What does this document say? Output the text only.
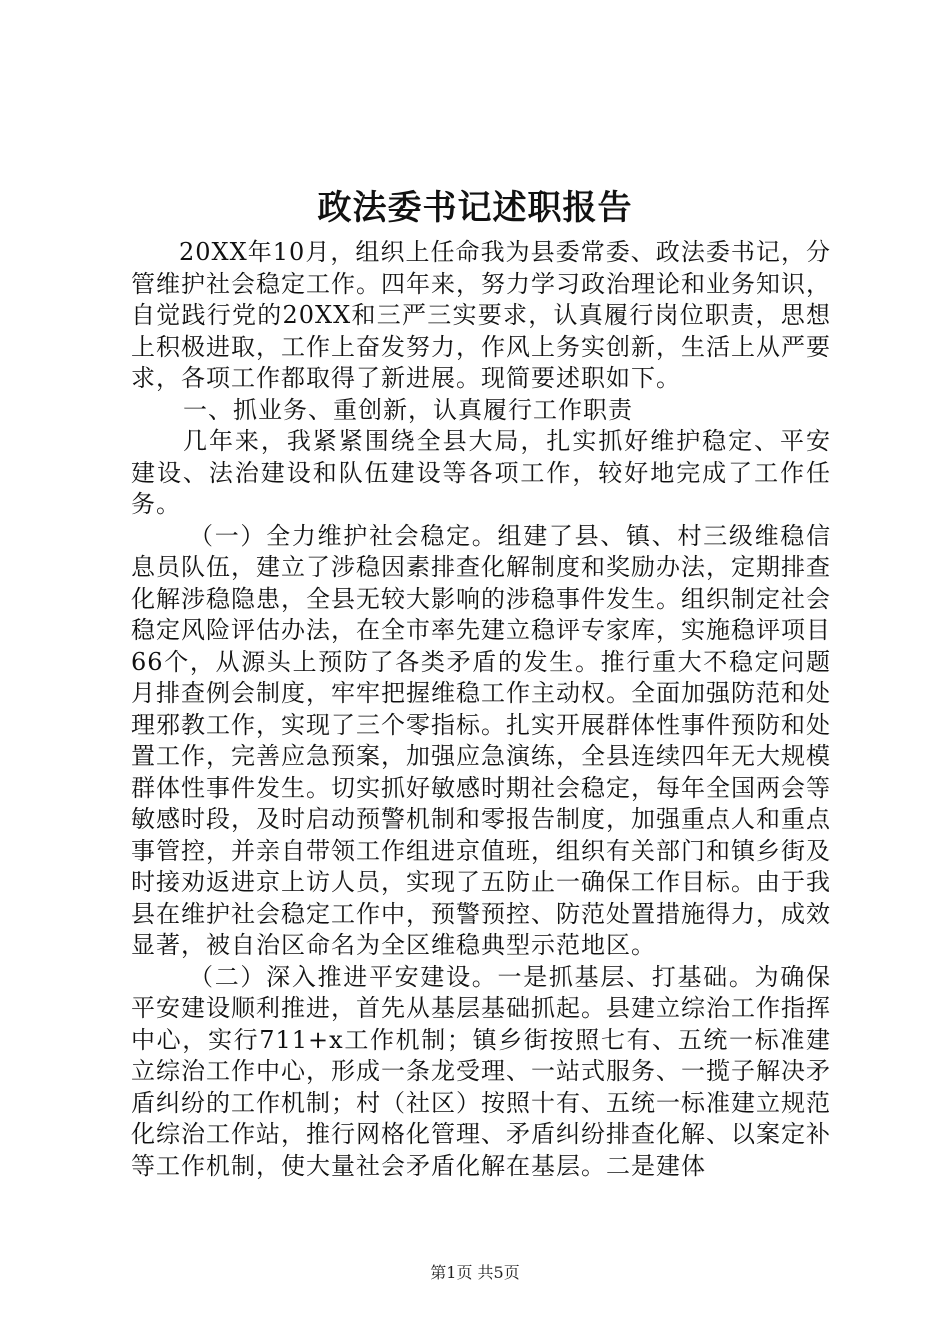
政法委书记述职报告

20XX年10月，组织上任命我为县委常委、政法委书记，分管维护社会稳定工作。四年来，努力学习政治理论和业务知识，自觉践行党的20XX和三严三实要求，认真履行岗位职责，思想上积极进取，工作上奋发努力，作风上务实创新，生活上从严要求，各项工作都取得了新进展。现简要述职如下。

一、抓业务、重创新，认真履行工作职责

几年来，我紧紧围绕全县大局，扎实抓好维护稳定、平安建设、法治建设和队伍建设等各项工作，较好地完成了工作任务。

（一）全力维护社会稳定。组建了县、镇、村三级维稳信息员队伍，建立了涉稳因素排查化解制度和奖励办法，定期排查化解涉稳隐患，全县无较大影响的涉稳事件发生。组织制定社会稳定风险评估办法，在全市率先建立稳评专家库，实施稳评项目66个，从源头上预防了各类矛盾的发生。推行重大不稳定问题月排查例会制度，牢牢把握维稳工作主动权。全面加强防范和处理邪教工作，实现了三个零指标。扎实开展群体性事件预防和处置工作，完善应急预案，加强应急演练，全县连续四年无大规模群体性事件发生。切实抓好敏感时期社会稳定，每年全国两会等敏感时段，及时启动预警机制和零报告制度，加强重点人和重点事管控，并亲自带领工作组进京值班，组织有关部门和镇乡街及时接劝返进京上访人员，实现了五防止一确保工作目标。由于我县在维护社会稳定工作中，预警预控、防范处置措施得力，成效显著，被自治区命名为全区维稳典型示范地区。

（二）深入推进平安建设。一是抓基层、打基础。为确保平安建设顺利推进，首先从基层基础抓起。县建立综治工作指挥中心，实行711+x工作机制；镇乡街按照七有、五统一标准建立综治工作中心，形成一条龙受理、一站式服务、一揽子解决矛盾纠纷的工作机制；村（社区）按照十有、五统一标准建立规范化综治工作站，推行网格化管理、矛盾纠纷排查化解、以案定补等工作机制，使大量社会矛盾化解在基层。二是建体

第1页 共5页
